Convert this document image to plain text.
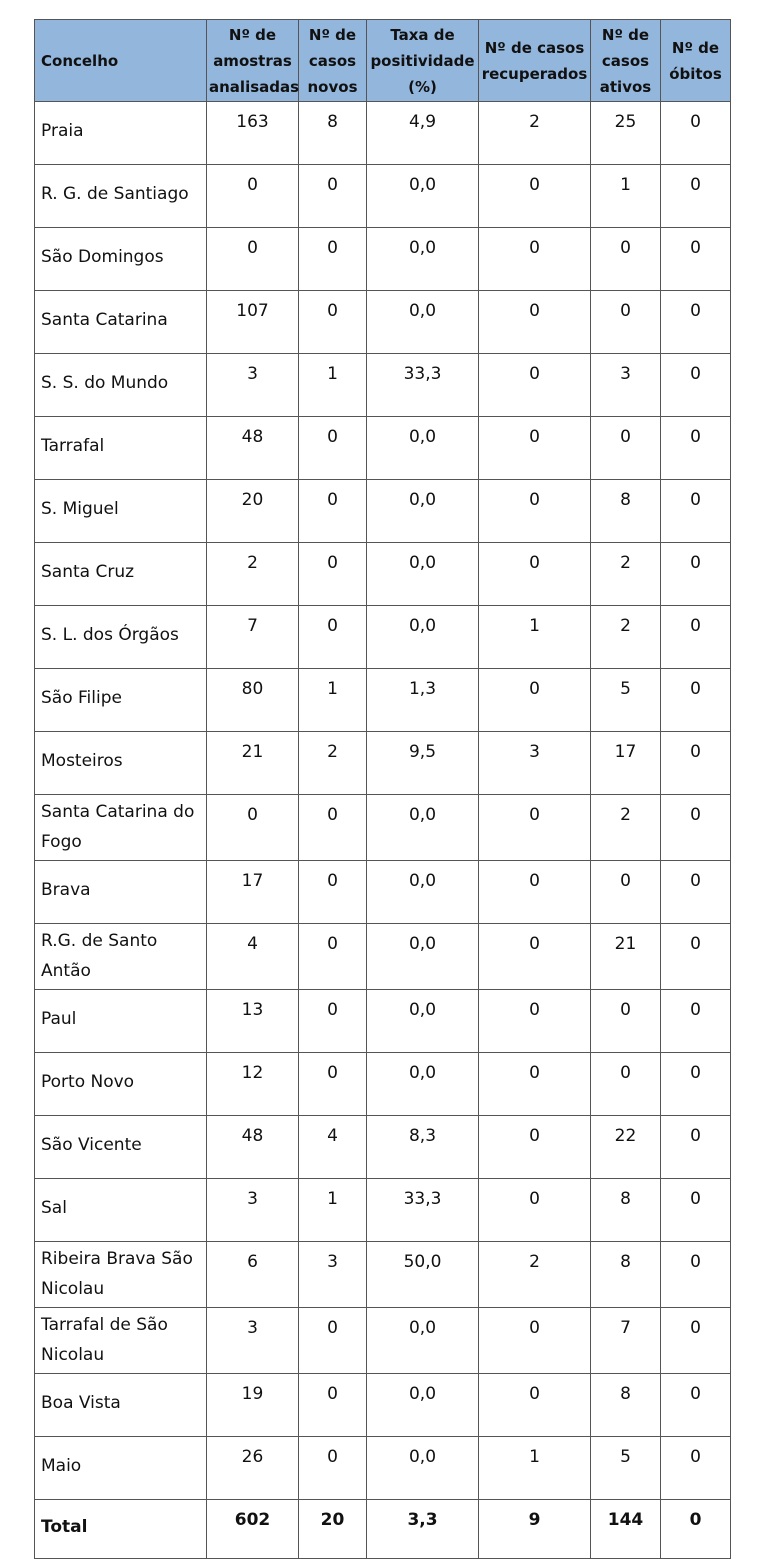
Concelho	Nº de amostras analisadas	Nº de casos novos	Taxa de positividade (%)	Nº de casos recuperados	Nº de casos ativos	Nº de óbitos
Praia	163	8	4,9	2	25	0
R. G. de Santiago	0	0	0,0	0	1	0
São Domingos	0	0	0,0	0	0	0
Santa Catarina	107	0	0,0	0	0	0
S. S. do Mundo	3	1	33,3	0	3	0
Tarrafal	48	0	0,0	0	0	0
S. Miguel	20	0	0,0	0	8	0
Santa Cruz	2	0	0,0	0	2	0
S. L. dos Órgãos	7	0	0,0	1	2	0
São Filipe	80	1	1,3	0	5	0
Mosteiros	21	2	9,5	3	17	0
Santa Catarina do Fogo	0	0	0,0	0	2	0
Brava	17	0	0,0	0	0	0
R.G. de Santo Antão	4	0	0,0	0	21	0
Paul	13	0	0,0	0	0	0
Porto Novo	12	0	0,0	0	0	0
São Vicente	48	4	8,3	0	22	0
Sal	3	1	33,3	0	8	0
Ribeira Brava São Nicolau	6	3	50,0	2	8	0
Tarrafal de São Nicolau	3	0	0,0	0	7	0
Boa Vista	19	0	0,0	0	8	0
Maio	26	0	0,0	1	5	0
Total	602	20	3,3	9	144	0
